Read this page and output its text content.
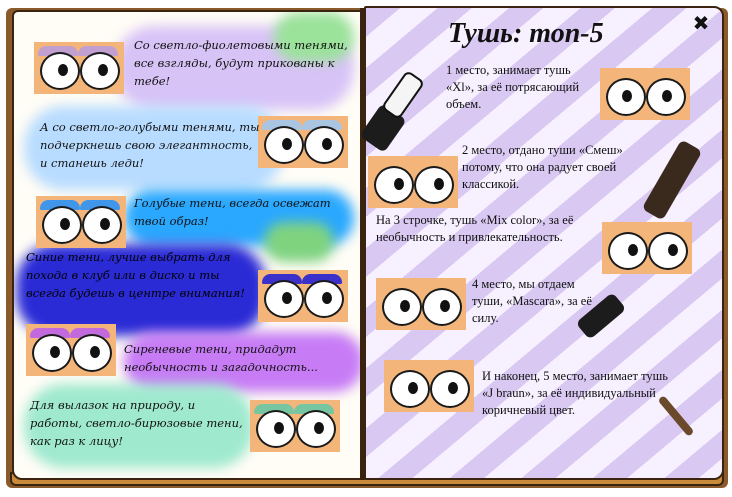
Со светло-фиолетовыми тенями, все взгляды, будут прикованы к тебе!
А со светло-голубыми тенями, ты подчеркнешь свою элегантность, и станешь леди!
Голубые тени, всегда освежат твой образ!
Синие тени, лучше выбрать для похода в клуб или в диско и ты всегда будешь в центре внимания!
Сиреневые тени, придадут необычность и загадочность...
Для вылазок на природу, и работы, светло-бирюзовые тени, как раз к лицу!
Тушь: топ-5	✖
1 место, занимает тушь «Xl», за её потрясающий объем.
2 место, отдано туши «Смеш» потому, что она радует своей классикой.
На 3 строчке, тушь «Mix color», за её необычность и привлекательность.
4 место, мы отдаем туши, «Mascara», за её силу.
И наконец, 5 место, занимает тушь «J braun», за её индивидуальный коричневый цвет.
